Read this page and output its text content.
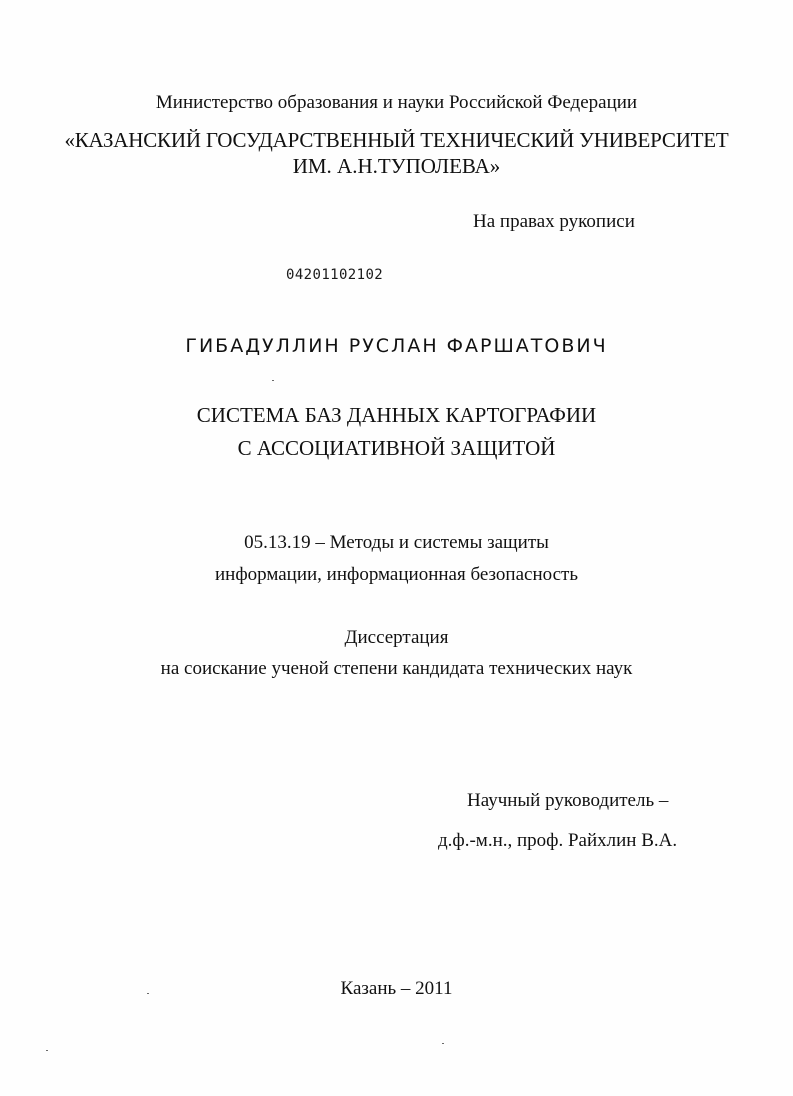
Министерство образования и науки Российской Федерации
«КАЗАНСКИЙ ГОСУДАРСТВЕННЫЙ ТЕХНИЧЕСКИЙ УНИВЕРСИТЕТ
ИМ. А.Н.ТУПОЛЕВА»
На правах рукописи
04201102102
ГИБАДУЛЛИН РУСЛАН ФАРШАТОВИЧ
СИСТЕМА БАЗ ДАННЫХ КАРТОГРАФИИ
С АССОЦИАТИВНОЙ ЗАЩИТОЙ
05.13.19 – Методы и системы защиты
информации, информационная безопасность
Диссертация
на соискание ученой степени кандидата технических наук
Научный руководитель –
д.ф.-м.н., проф. Райхлин В.А.
Казань – 2011
